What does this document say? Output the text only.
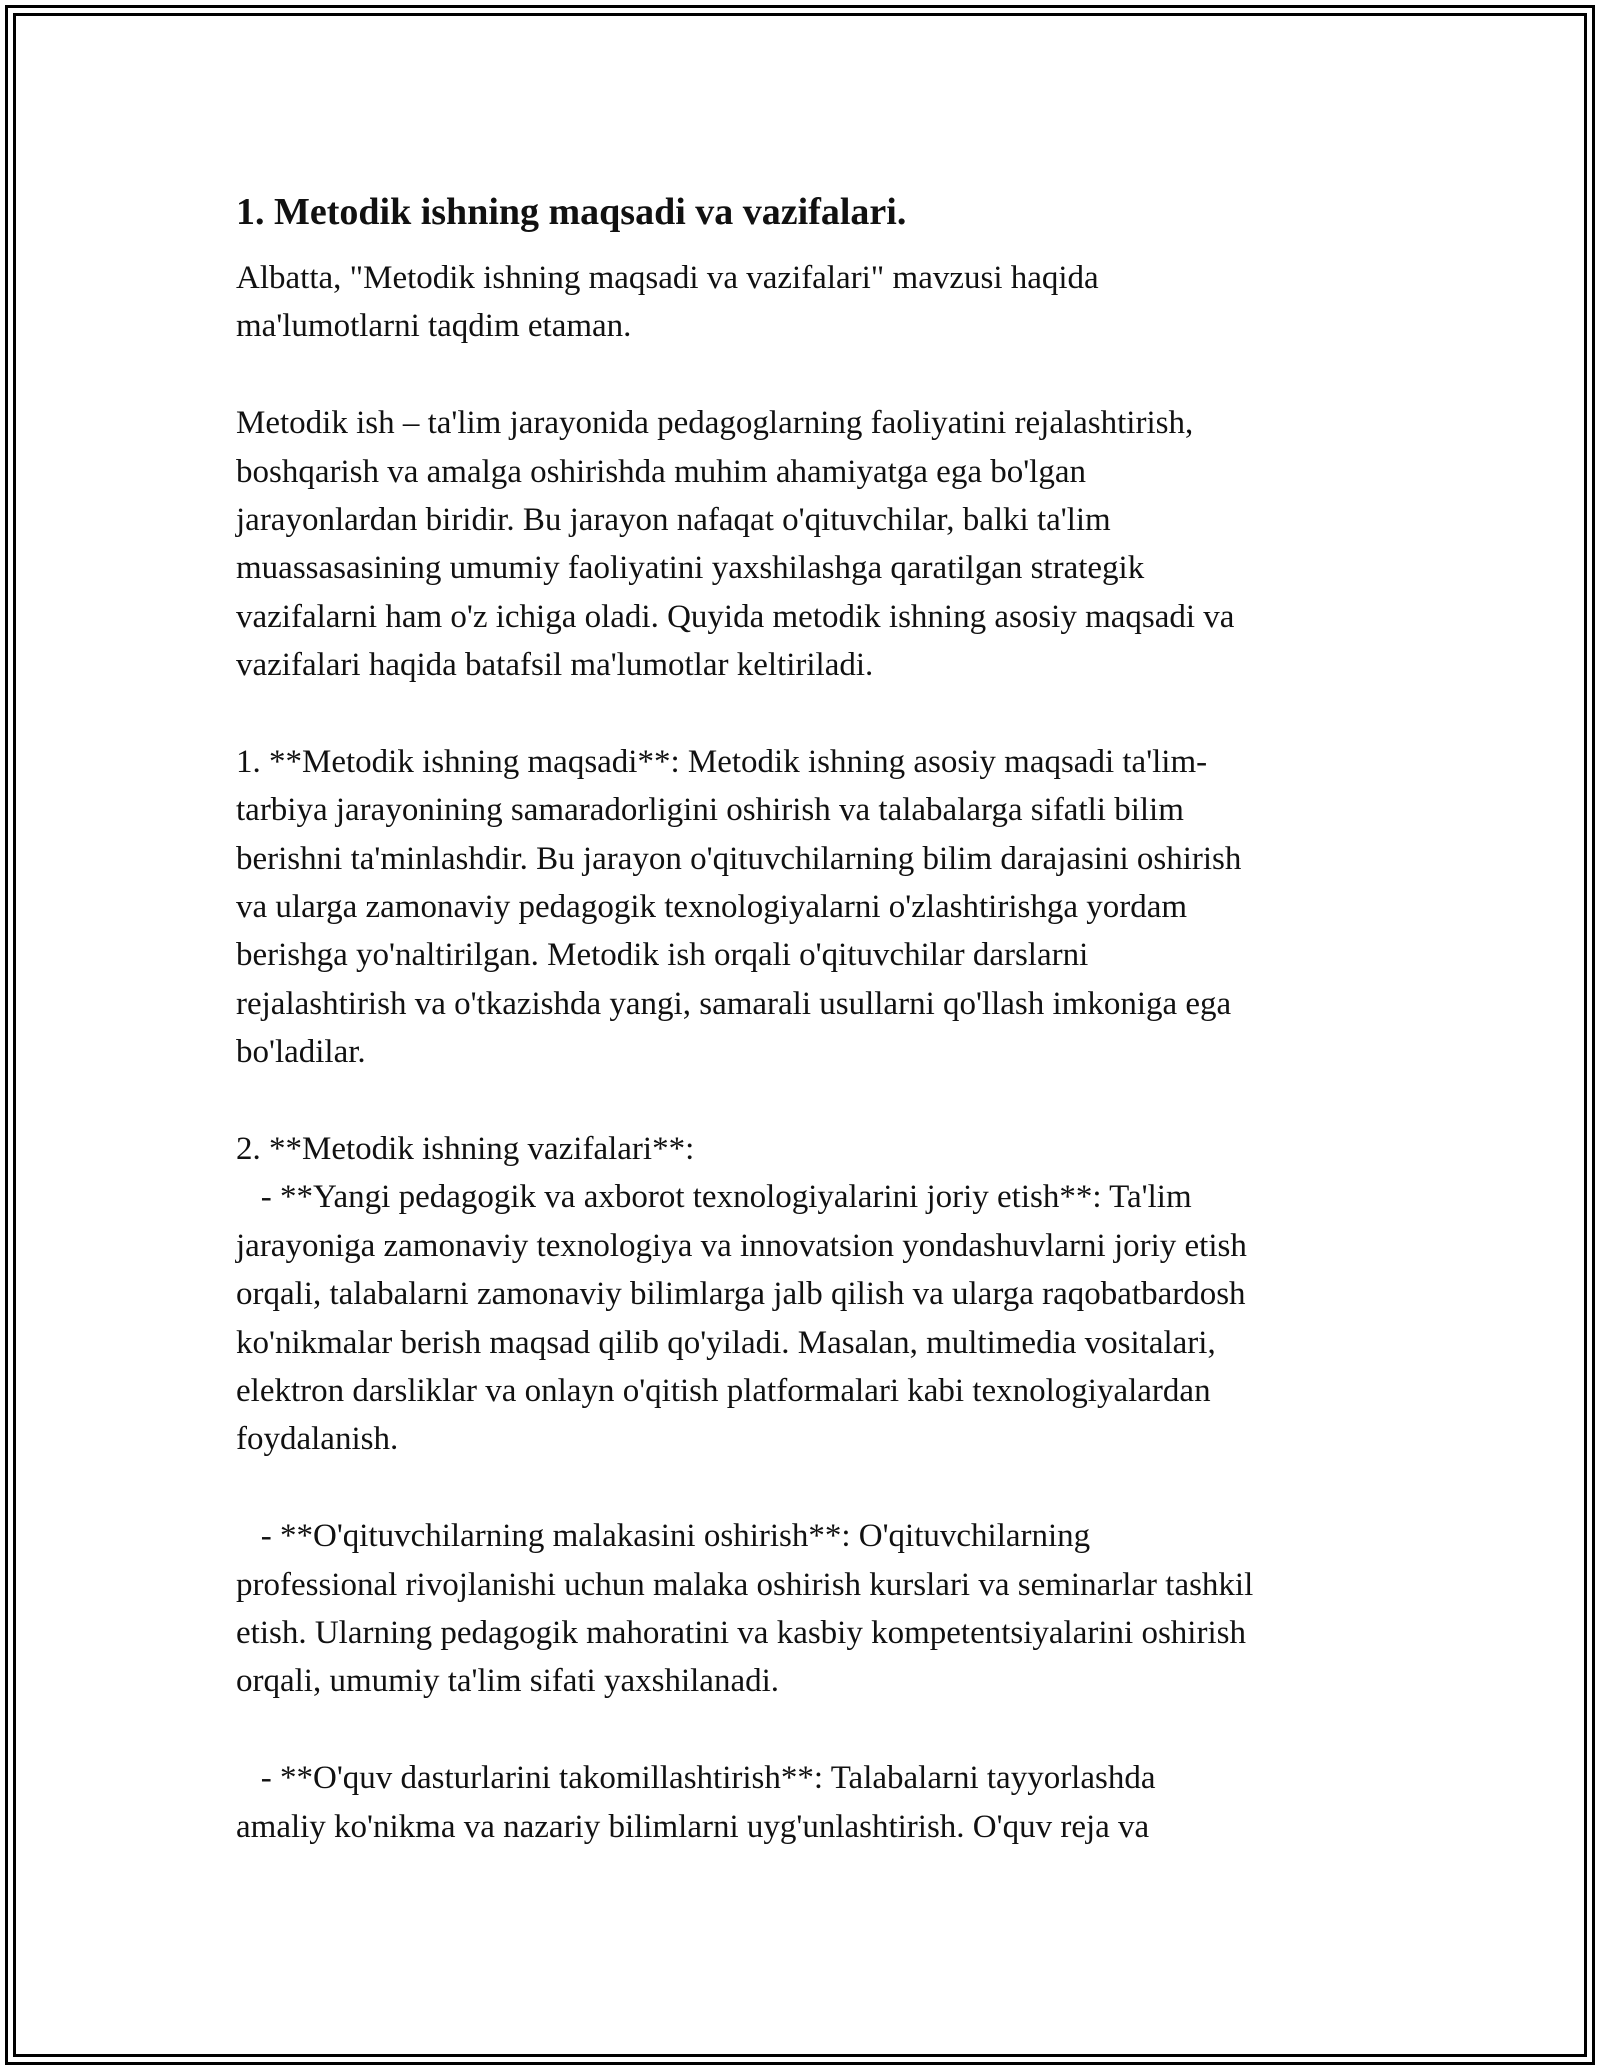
1. Metodik ishning maqsadi va vazifalari.
Albatta, "Metodik ishning maqsadi va vazifalari" mavzusi haqida
ma'lumotlarni taqdim etaman.
Metodik ish – ta'lim jarayonida pedagoglarning faoliyatini rejalashtirish,
boshqarish va amalga oshirishda muhim ahamiyatga ega bo'lgan
jarayonlardan biridir. Bu jarayon nafaqat o'qituvchilar, balki ta'lim
muassasasining umumiy faoliyatini yaxshilashga qaratilgan strategik
vazifalarni ham o'z ichiga oladi. Quyida metodik ishning asosiy maqsadi va
vazifalari haqida batafsil ma'lumotlar keltiriladi.
1. **Metodik ishning maqsadi**: Metodik ishning asosiy maqsadi ta'lim-
tarbiya jarayonining samaradorligini oshirish va talabalarga sifatli bilim
berishni ta'minlashdir. Bu jarayon o'qituvchilarning bilim darajasini oshirish
va ularga zamonaviy pedagogik texnologiyalarni o'zlashtirishga yordam
berishga yo'naltirilgan. Metodik ish orqali o'qituvchilar darslarni
rejalashtirish va o'tkazishda yangi, samarali usullarni qo'llash imkoniga ega
bo'ladilar.
2. **Metodik ishning vazifalari**:
- **Yangi pedagogik va axborot texnologiyalarini joriy etish**: Ta'lim
jarayoniga zamonaviy texnologiya va innovatsion yondashuvlarni joriy etish
orqali, talabalarni zamonaviy bilimlarga jalb qilish va ularga raqobatbardosh
ko'nikmalar berish maqsad qilib qo'yiladi. Masalan, multimedia vositalari,
elektron darsliklar va onlayn o'qitish platformalari kabi texnologiyalardan
foydalanish.
- **O'qituvchilarning malakasini oshirish**: O'qituvchilarning
professional rivojlanishi uchun malaka oshirish kurslari va seminarlar tashkil
etish. Ularning pedagogik mahoratini va kasbiy kompetentsiyalarini oshirish
orqali, umumiy ta'lim sifati yaxshilanadi.
- **O'quv dasturlarini takomillashtirish**: Talabalarni tayyorlashda
amaliy ko'nikma va nazariy bilimlarni uyg'unlashtirish. O'quv reja va
